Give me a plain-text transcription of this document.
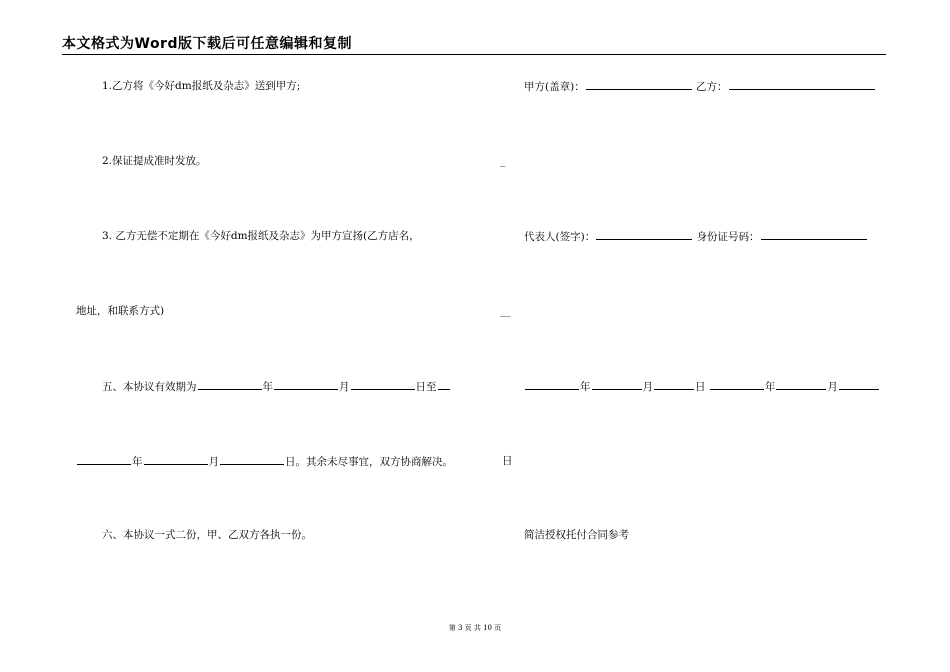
本文格式为Word版下载后可任意编辑和复制
1.乙方将《今好dm报纸及杂志》送到甲方;
2.保证提成准时发放。
3. 乙方无偿不定期在《今好dm报纸及杂志》为甲方宣扬(乙方店名，
地址，和联系方式)
五、本协议有效期为	年	月	日至
年	月	日。其余未尽事宜，双方协商解决。
六、本协议一式二份，甲、乙双方各执一份。
甲方(盖章)：	乙方：
_
代表人(签字)：	身份证号码：
__
年	月	日	年	月
日
简洁授权托付合同参考
第 3 页 共 10 页
